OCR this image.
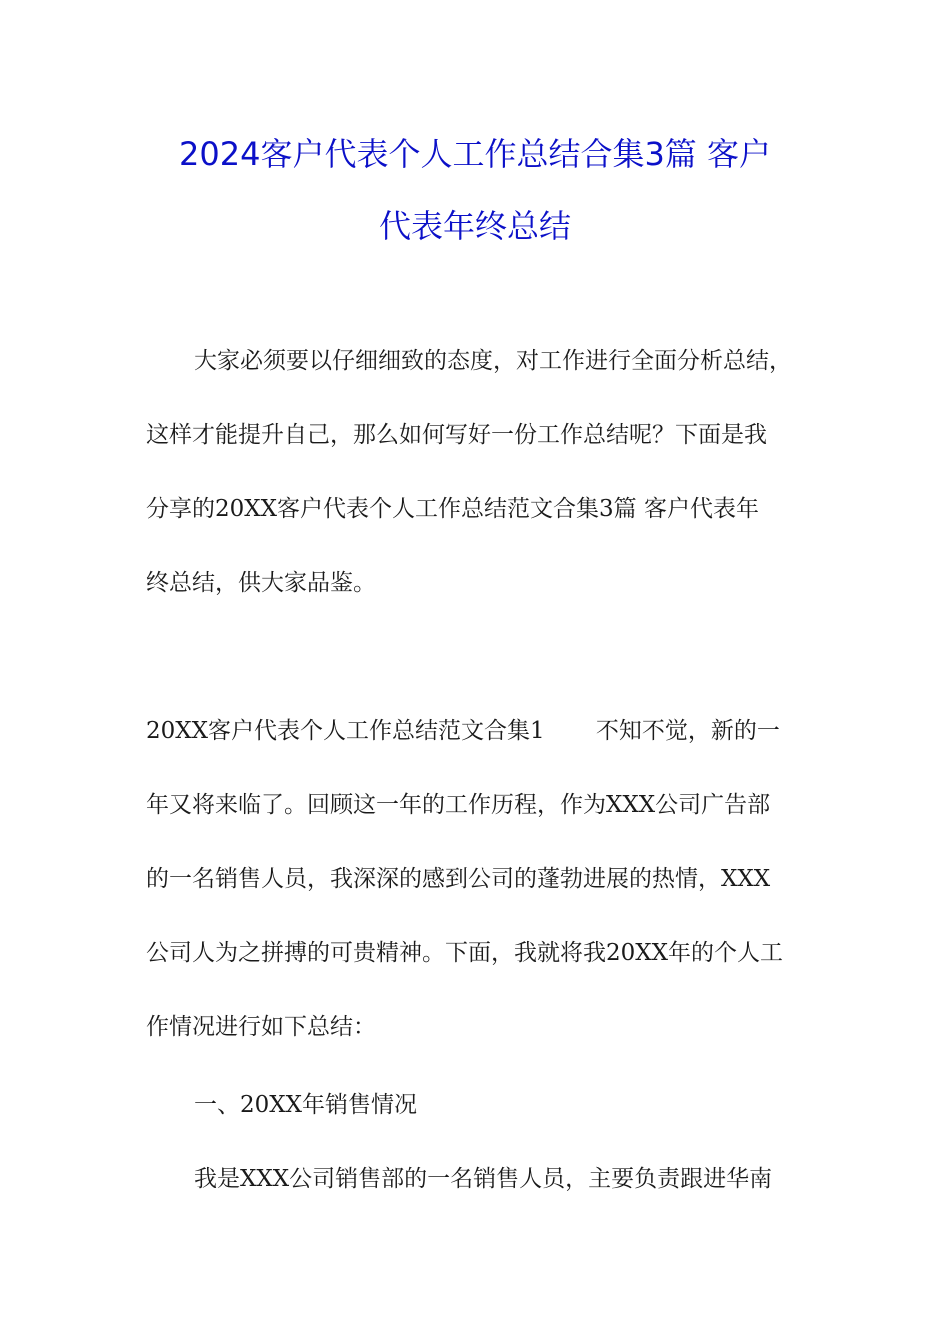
2024客户代表个人工作总结合集3篇 客户
代表年终总结
大家必须要以仔细细致的态度，对工作进行全面分析总结，
这样才能提升自己，那么如何写好一份工作总结呢？下面是我
分享的20XX客户代表个人工作总结范文合集3篇 客户代表年
终总结，供大家品鉴。
20XX客户代表个人工作总结范文合集1       不知不觉，新的一
年又将来临了。回顾这一年的工作历程，作为XXX公司广告部
的一名销售人员，我深深的感到公司的蓬勃进展的热情，XXX
公司人为之拼搏的可贵精神。下面，我就将我20XX年的个人工
作情况进行如下总结：
一、20XX年销售情况
我是XXX公司销售部的一名销售人员，主要负责跟进华南
